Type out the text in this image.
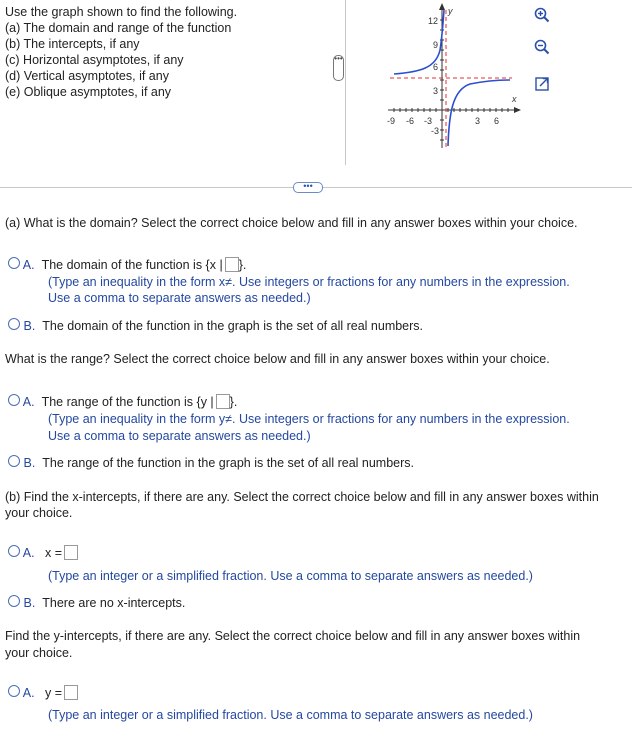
Use the graph shown to find the following.
(a) The domain and range of the function
(b) The intercepts, if any
(c) Horizontal asymptotes, if any
(d) Vertical asymptotes, if any
(e) Oblique asymptotes, if any
•••
y
x
12
9
6
3
-3
-9 -6 -3	3 6
•••
(a) What is the domain? Select the correct choice below and fill in any answer boxes within your choice.
A. The domain of the function is {x | }.
(Type an inequality in the form x≠. Use integers or fractions for any numbers in the expression.
Use a comma to separate answers as needed.)
B. The domain of the function in the graph is the set of all real numbers.
What is the range? Select the correct choice below and fill in any answer boxes within your choice.
A. The range of the function is {y | }.
(Type an inequality in the form y≠. Use integers or fractions for any numbers in the expression.
Use a comma to separate answers as needed.)
B. The range of the function in the graph is the set of all real numbers.
(b) Find the x-intercepts, if there are any. Select the correct choice below and fill in any answer boxes within
your choice.
A. x =
(Type an integer or a simplified fraction. Use a comma to separate answers as needed.)
B. There are no x-intercepts.
Find the y-intercepts, if there are any. Select the correct choice below and fill in any answer boxes within
your choice.
A. y =
(Type an integer or a simplified fraction. Use a comma to separate answers as needed.)
